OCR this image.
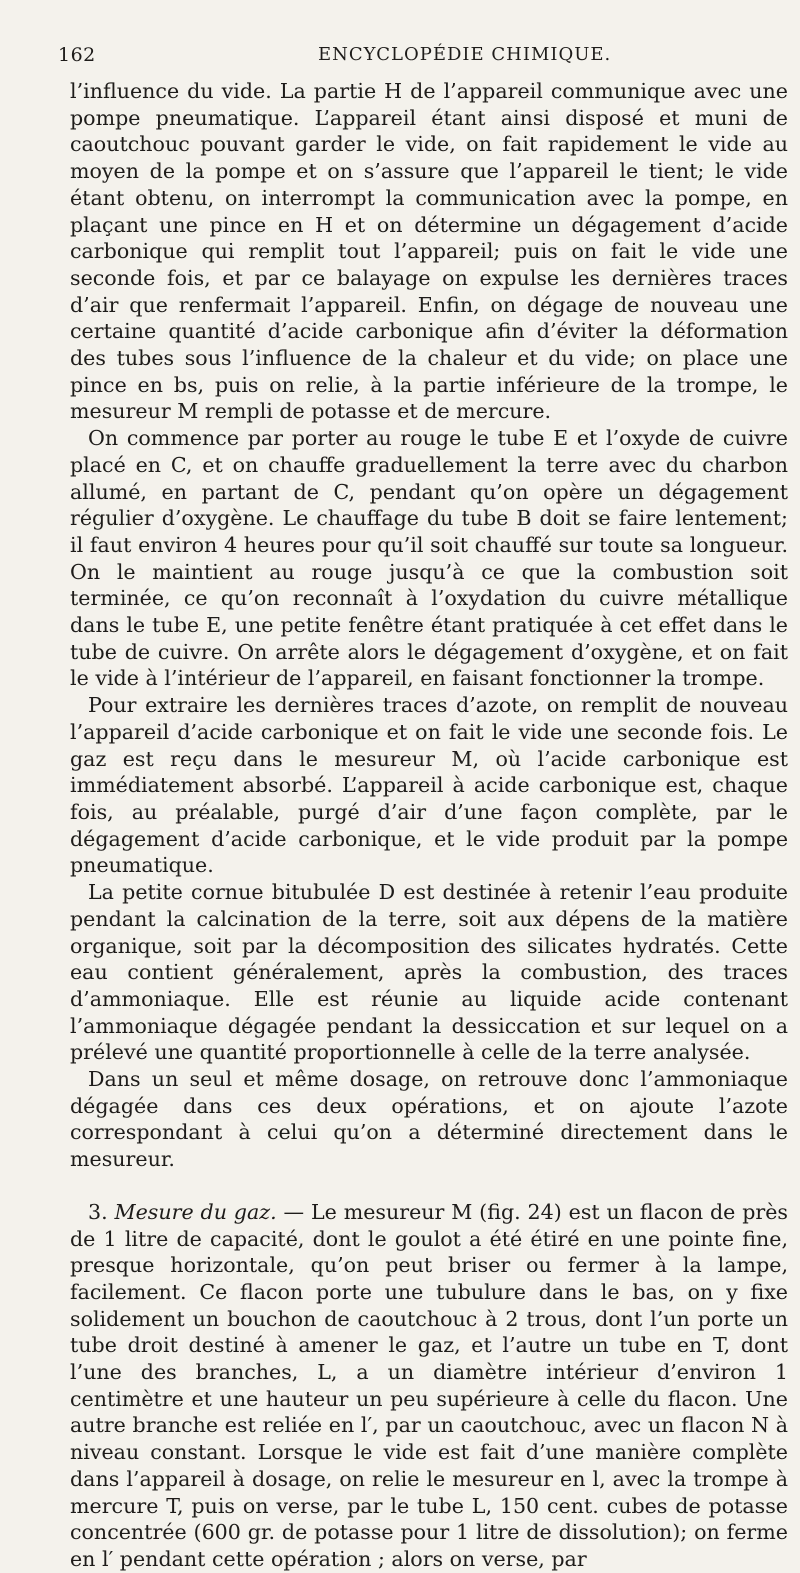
162	ENCYCLOPÉDIE CHIMIQUE.

l’influence du vide. La partie H de l’appareil communique avec une pompe pneumatique. L’appareil étant ainsi disposé et muni de caoutchouc pouvant garder le vide, on fait rapidement le vide au moyen de la pompe et on s’assure que l’appareil le tient; le vide étant obtenu, on interrompt la communication avec la pompe, en plaçant une pince en H et on détermine un dégagement d’acide carbonique qui remplit tout l’appareil; puis on fait le vide une seconde fois, et par ce balayage on expulse les dernières traces d’air que renfermait l’appareil. Enfin, on dégage de nouveau une certaine quantité d’acide carbonique afin d’éviter la déformation des tubes sous l’influence de la chaleur et du vide; on place une pince en bs, puis on relie, à la partie inférieure de la trompe, le mesureur M rempli de potasse et de mercure.

On commence par porter au rouge le tube E et l’oxyde de cuivre placé en C, et on chauffe graduellement la terre avec du charbon allumé, en partant de C, pendant qu’on opère un dégagement régulier d’oxygène. Le chauffage du tube B doit se faire lentement; il faut environ 4 heures pour qu’il soit chauffé sur toute sa longueur. On le maintient au rouge jusqu’à ce que la combustion soit terminée, ce qu’on reconnaît à l’oxydation du cuivre métallique dans le tube E, une petite fenêtre étant pratiquée à cet effet dans le tube de cuivre. On arrête alors le dégagement d’oxygène, et on fait le vide à l’intérieur de l’appareil, en faisant fonctionner la trompe.

Pour extraire les dernières traces d’azote, on remplit de nouveau l’appareil d’acide carbonique et on fait le vide une seconde fois. Le gaz est reçu dans le mesureur M, où l’acide carbonique est immédiatement absorbé. L’appareil à acide carbonique est, chaque fois, au préalable, purgé d’air d’une façon complète, par le dégagement d’acide carbonique, et le vide produit par la pompe pneumatique.

La petite cornue bitubulée D est destinée à retenir l’eau produite pendant la calcination de la terre, soit aux dépens de la matière organique, soit par la décomposition des silicates hydratés. Cette eau contient généralement, après la combustion, des traces d’ammoniaque. Elle est réunie au liquide acide contenant l’ammoniaque dégagée pendant la dessiccation et sur lequel on a prélevé une quantité proportionnelle à celle de la terre analysée.

Dans un seul et même dosage, on retrouve donc l’ammoniaque dégagée dans ces deux opérations, et on ajoute l’azote correspondant à celui qu’on a déterminé directement dans le mesureur.

3. Mesure du gaz. — Le mesureur M (fig. 24) est un flacon de près de 1 litre de capacité, dont le goulot a été étiré en une pointe fine, presque horizontale, qu’on peut briser ou fermer à la lampe, facilement. Ce flacon porte une tubulure dans le bas, on y fixe solidement un bouchon de caoutchouc à 2 trous, dont l’un porte un tube droit destiné à amener le gaz, et l’autre un tube en T, dont l’une des branches, L, a un diamètre intérieur d’environ 1 centimètre et une hauteur un peu supérieure à celle du flacon. Une autre branche est reliée en l′, par un caoutchouc, avec un flacon N à niveau constant. Lorsque le vide est fait d’une manière complète dans l’appareil à dosage, on relie le mesureur en l, avec la trompe à mercure T, puis on verse, par le tube L, 150 cent. cubes de potasse concentrée (600 gr. de potasse pour 1 litre de dissolution); on ferme en l′ pendant cette opération ; alors on verse, par
